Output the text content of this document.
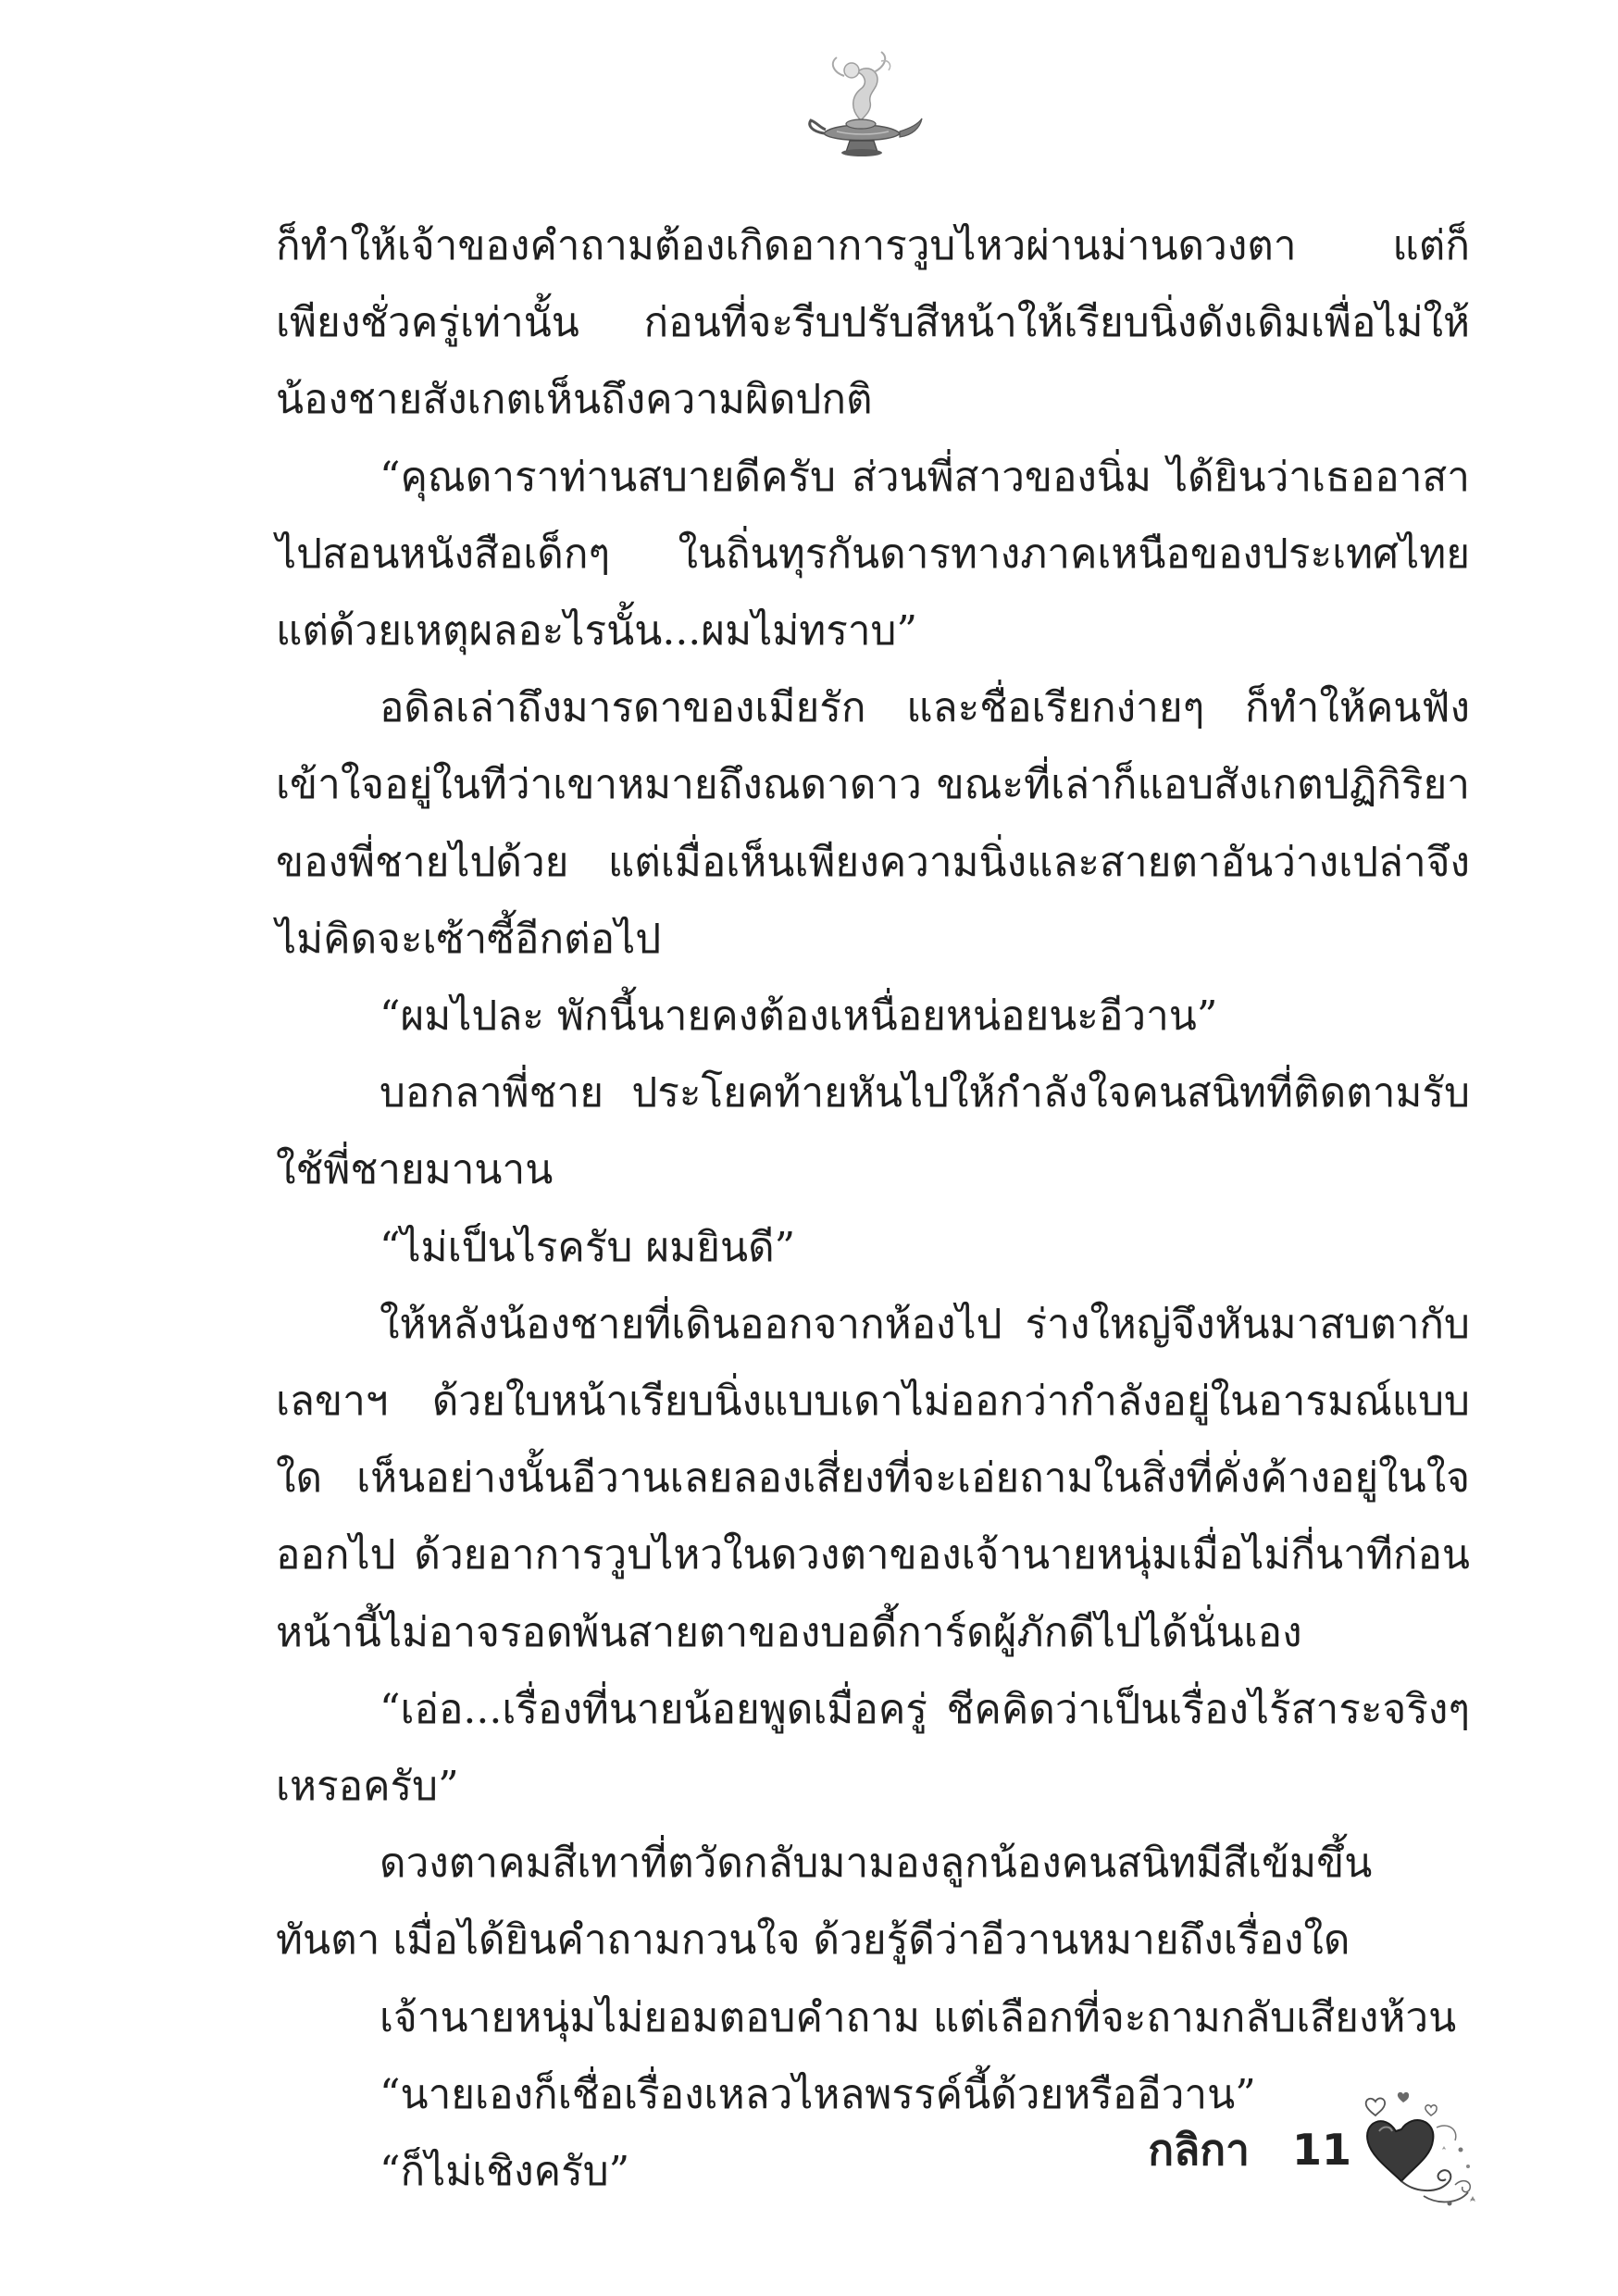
ก็ทำให้เจ้าของคำถามต้องเกิดอาการวูบไหวผ่านม่านดวงตา แต่ก็เพียงชั่วครู่เท่านั้น ก่อนที่จะรีบปรับสีหน้าให้เรียบนิ่งดังเดิมเพื่อไม่ให้น้องชายสังเกตเห็นถึงความผิดปกติ

“คุณดาราท่านสบายดีครับ ส่วนพี่สาวของนิ่ม ได้ยินว่าเธออาสาไปสอนหนังสือเด็กๆ ในถิ่นทุรกันดารทางภาคเหนือของประเทศไทย แต่ด้วยเหตุผลอะไรนั้น...ผมไม่ทราบ”

อดิลเล่าถึงมารดาของเมียรัก และชื่อเรียกง่ายๆ ก็ทำให้คนฟังเข้าใจอยู่ในทีว่าเขาหมายถึงณดาดาว ขณะที่เล่าก็แอบสังเกตปฏิกิริยาของพี่ชายไปด้วย แต่เมื่อเห็นเพียงความนิ่งและสายตาอันว่างเปล่าจึงไม่คิดจะเซ้าซี้อีกต่อไป

“ผมไปละ พักนี้นายคงต้องเหนื่อยหน่อยนะอีวาน”

บอกลาพี่ชาย ประโยคท้ายหันไปให้กำลังใจคนสนิทที่ติดตามรับใช้พี่ชายมานาน

“ไม่เป็นไรครับ ผมยินดี”

ให้หลังน้องชายที่เดินออกจากห้องไป ร่างใหญ่จึงหันมาสบตากับเลขาฯ ด้วยใบหน้าเรียบนิ่งแบบเดาไม่ออกว่ากำลังอยู่ในอารมณ์แบบใด เห็นอย่างนั้นอีวานเลยลองเสี่ยงที่จะเอ่ยถามในสิ่งที่คั่งค้างอยู่ในใจออกไป ด้วยอาการวูบไหวในดวงตาของเจ้านายหนุ่มเมื่อไม่กี่นาทีก่อนหน้านี้ไม่อาจรอดพ้นสายตาของบอดี้การ์ดผู้ภักดีไปได้นั่นเอง

“เอ่อ...เรื่องที่นายน้อยพูดเมื่อครู่ ชีคคิดว่าเป็นเรื่องไร้สาระจริงๆ เหรอครับ”

ดวงตาคมสีเทาที่ตวัดกลับมามองลูกน้องคนสนิทมีสีเข้มขึ้นทันตา เมื่อได้ยินคำถามกวนใจ ด้วยรู้ดีว่าอีวานหมายถึงเรื่องใด

เจ้านายหนุ่มไม่ยอมตอบคำถาม แต่เลือกที่จะถามกลับเสียงห้วน

“นายเองก็เชื่อเรื่องเหลวไหลพรรค์นี้ด้วยหรืออีวาน”

“ก็ไม่เชิงครับ”	กลิกา 11
